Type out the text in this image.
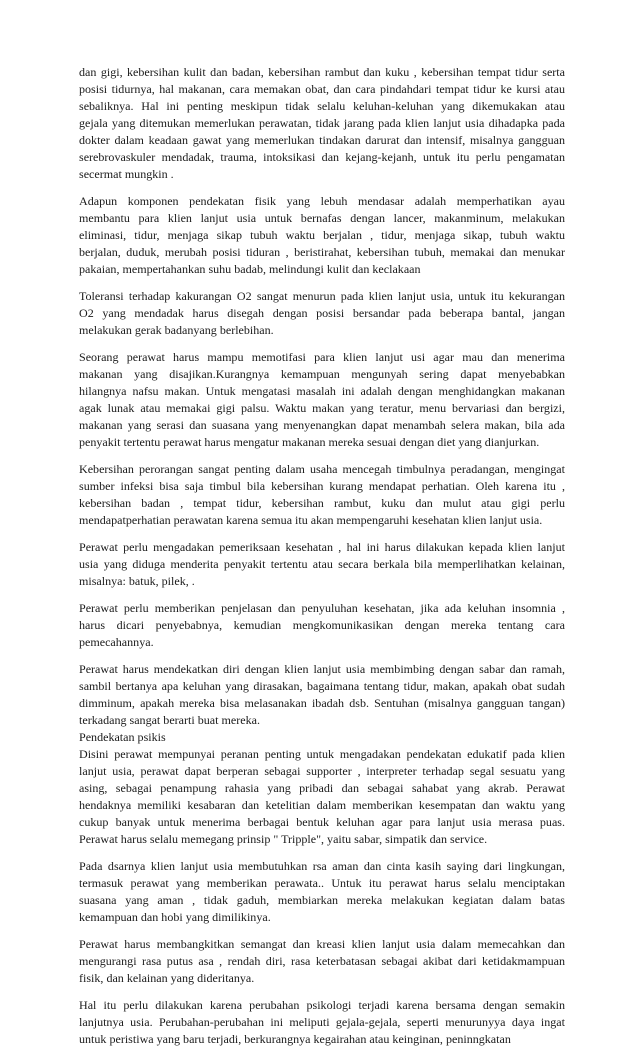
dan gigi, kebersihan kulit dan badan, kebersihan rambut dan kuku , kebersihan tempat tidur serta
posisi tidurnya, hal makanan, cara memakan obat, dan cara pindahdari tempat tidur ke kursi atau
sebaliknya. Hal ini penting meskipun tidak selalu keluhan-keluhan yang dikemukakan atau
gejala yang ditemukan memerlukan perawatan, tidak jarang pada klien lanjut usia dihadapka pada
dokter dalam keadaan gawat yang memerlukan tindakan darurat dan intensif, misalnya gangguan
serebrovaskuler mendadak, trauma, intoksikasi dan kejang-kejanh, untuk itu perlu pengamatan
secermat mungkin .
Adapun komponen pendekatan fisik yang lebuh mendasar adalah memperhatikan ayau
membantu para klien lanjut usia untuk bernafas dengan lancer, makanminum, melakukan
eliminasi, tidur, menjaga sikap tubuh waktu berjalan , tidur, menjaga sikap, tubuh waktu
berjalan, duduk, merubah posisi tiduran , beristirahat, kebersihan tubuh, memakai dan menukar
pakaian, mempertahankan suhu badab, melindungi kulit dan keclakaan
Toleransi terhadap kakurangan O2 sangat menurun pada klien lanjut usia, untuk itu kekurangan
O2 yang mendadak harus disegah dengan posisi bersandar pada beberapa bantal, jangan
melakukan gerak badanyang berlebihan.
Seorang perawat harus mampu memotifasi para klien lanjut usi agar mau dan menerima
makanan yang disajikan.Kurangnya kemampuan mengunyah sering dapat menyebabkan
hilangnya nafsu makan. Untuk mengatasi masalah ini adalah dengan menghidangkan makanan
agak lunak atau memakai gigi palsu. Waktu makan yang teratur, menu bervariasi dan bergizi,
makanan yang serasi dan suasana yang menyenangkan dapat menambah selera makan, bila ada
penyakit tertentu perawat harus mengatur makanan mereka sesuai dengan diet yang dianjurkan.
Kebersihan perorangan sangat penting dalam usaha mencegah timbulnya peradangan, mengingat
sumber infeksi bisa saja timbul bila kebersihan kurang mendapat perhatian. Oleh karena itu ,
kebersihan badan , tempat tidur, kebersihan rambut, kuku dan mulut atau gigi perlu
mendapatperhatian perawatan karena semua itu akan mempengaruhi kesehatan klien lanjut usia.
Perawat perlu mengadakan pemeriksaan kesehatan , hal ini harus dilakukan kepada klien lanjut
usia yang diduga menderita penyakit tertentu atau secara berkala bila memperlihatkan kelainan,
misalnya: batuk, pilek, .
Perawat perlu memberikan penjelasan dan penyuluhan kesehatan, jika ada keluhan insomnia ,
harus dicari penyebabnya, kemudian mengkomunikasikan dengan mereka tentang cara
pemecahannya.
Perawat harus mendekatkan diri dengan klien lanjut usia membimbing dengan sabar dan ramah,
sambil bertanya apa keluhan yang dirasakan, bagaimana tentang tidur, makan, apakah obat sudah
dimminum, apakah mereka bisa melasanakan ibadah dsb. Sentuhan (misalnya gangguan tangan)
terkadang sangat berarti buat mereka.
Pendekatan psikis
Disini perawat mempunyai peranan penting untuk mengadakan pendekatan edukatif pada klien
lanjut usia, perawat dapat berperan sebagai supporter , interpreter terhadap segal sesuatu yang
asing, sebagai penampung rahasia yang pribadi dan sebagai sahabat yang akrab. Perawat
hendaknya memiliki kesabaran dan ketelitian dalam memberikan kesempatan dan waktu yang
cukup banyak untuk menerima berbagai bentuk keluhan agar para lanjut usia merasa puas.
Perawat harus selalu memegang prinsip " Tripple", yaitu sabar, simpatik dan service.
Pada dsarnya klien lanjut usia membutuhkan rsa aman dan cinta kasih saying dari lingkungan,
termasuk perawat yang memberikan perawata.. Untuk itu perawat harus selalu menciptakan
suasana yang aman , tidak gaduh, membiarkan mereka melakukan kegiatan dalam batas
kemampuan dan hobi yang dimilikinya.
Perawat harus membangkitkan semangat dan kreasi klien lanjut usia dalam memecahkan dan
mengurangi rasa putus asa , rendah diri, rasa keterbatasan sebagai akibat dari ketidakmampuan
fisik, dan kelainan yang dideritanya.
Hal itu perlu dilakukan karena perubahan psikologi terjadi karena bersama dengan semakin
lanjutnya usia. Perubahan-perubahan ini meliputi gejala-gejala, seperti menurunyya daya ingat
untuk peristiwa yang baru terjadi, berkurangnya kegairahan atau keinginan, peninngkatan
